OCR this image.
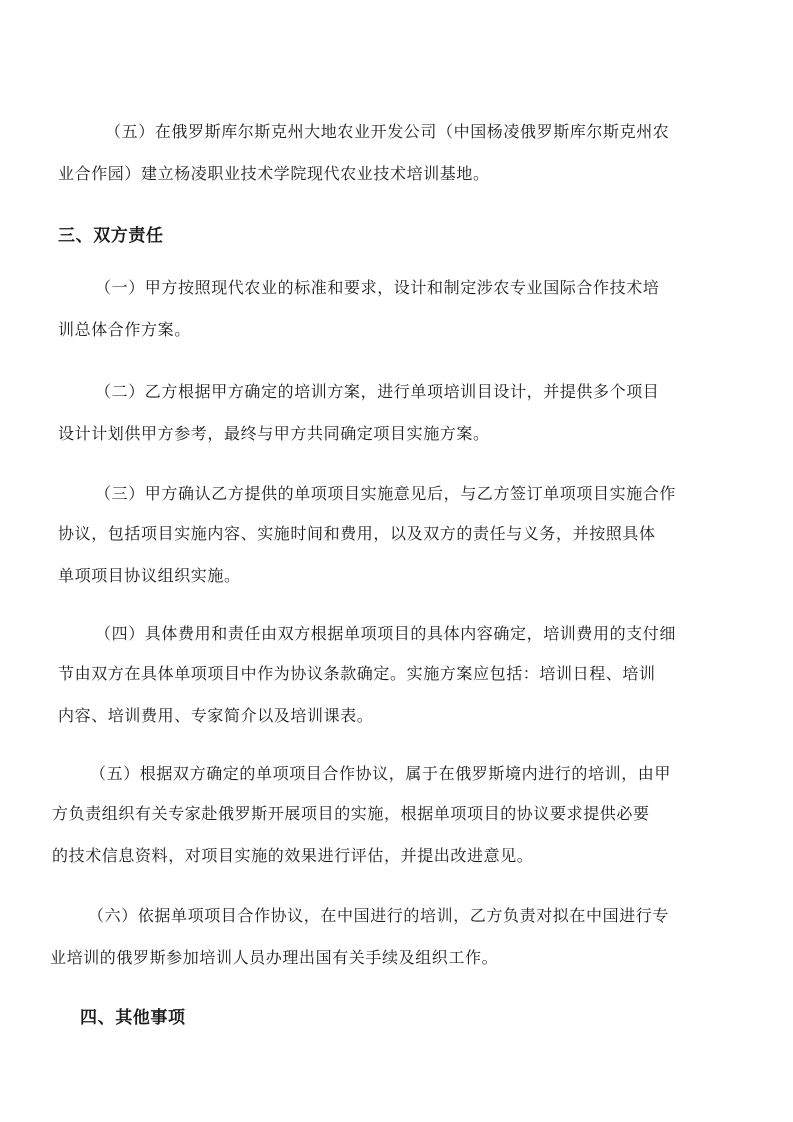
（五）在俄罗斯库尔斯克州大地农业开发公司（中国杨凌俄罗斯库尔斯克州农
业合作园）建立杨凌职业技术学院现代农业技术培训基地。
三、双方责任
（一）甲方按照现代农业的标准和要求，设计和制定涉农专业国际合作技术培
训总体合作方案。
（二）乙方根据甲方确定的培训方案，进行单项培训目设计，并提供多个项目
设计计划供甲方参考，最终与甲方共同确定项目实施方案。
（三）甲方确认乙方提供的单项项目实施意见后，与乙方签订单项项目实施合作
协议，包括项目实施内容、实施时间和费用，以及双方的责任与义务，并按照具体
单项项目协议组织实施。
（四）具体费用和责任由双方根据单项项目的具体内容确定，培训费用的支付细
节由双方在具体单项项目中作为协议条款确定。实施方案应包括：培训日程、培训
内容、培训费用、专家简介以及培训课表。
（五）根据双方确定的单项项目合作协议，属于在俄罗斯境内进行的培训，由甲
方负责组织有关专家赴俄罗斯开展项目的实施，根据单项项目的协议要求提供必要
的技术信息资料，对项目实施的效果进行评估，并提出改进意见。
（六）依据单项项目合作协议，在中国进行的培训，乙方负责对拟在中国进行专
业培训的俄罗斯参加培训人员办理出国有关手续及组织工作。
四、其他事项
